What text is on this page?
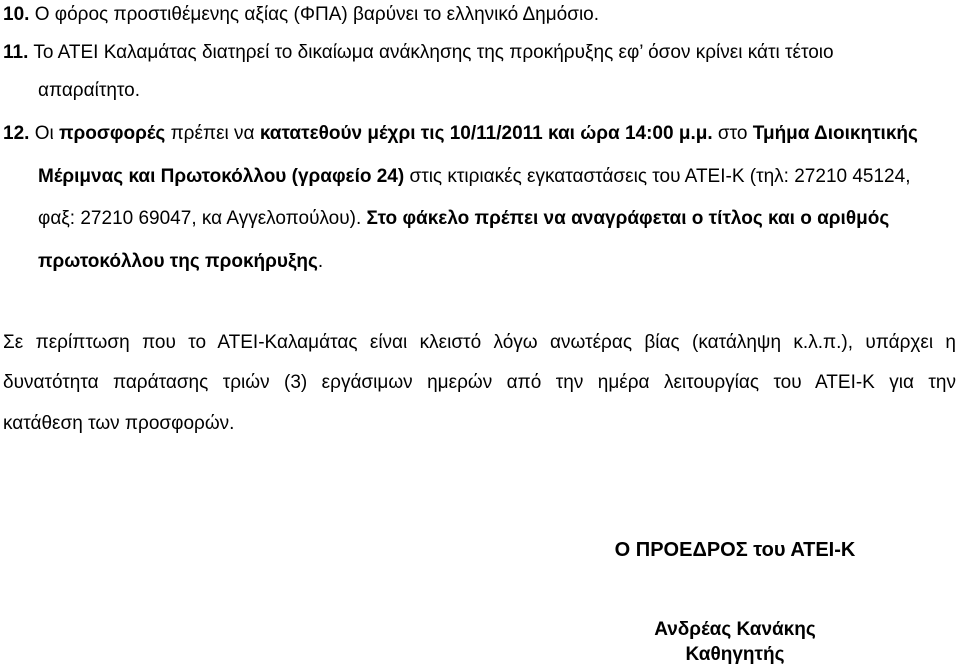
10. Ο φόρος προστιθέμενης αξίας (ΦΠΑ) βαρύνει το ελληνικό Δημόσιο.
11. Το ΑΤΕΙ Καλαμάτας διατηρεί το δικαίωμα ανάκλησης της προκήρυξης εφ’ όσον κρίνει κάτι τέτοιο
απαραίτητο.
12. Οι προσφορές πρέπει να κατατεθούν μέχρι τις 10/11/2011 και ώρα 14:00 μ.μ. στο Τμήμα Διοικητικής
Μέριμνας και Πρωτοκόλλου (γραφείο 24) στις κτιριακές εγκαταστάσεις του ΑΤΕΙ-Κ (τηλ: 27210 45124,
φαξ: 27210 69047, κα Αγγελοπούλου). Στο φάκελο πρέπει να αναγράφεται ο τίτλος και ο αριθμός
πρωτοκόλλου της προκήρυξης.
Σε περίπτωση που το ΑΤΕΙ-Καλαμάτας είναι κλειστό λόγω ανωτέρας βίας (κατάληψη κ.λ.π.), υπάρχει η
δυνατότητα παράτασης τριών (3) εργάσιμων ημερών από την ημέρα λειτουργίας του ΑΤΕΙ-Κ για την
κατάθεση των προσφορών.
Ο ΠΡΟΕΔΡΟΣ του ΑΤΕΙ-Κ
Ανδρέας Κανάκης
Καθηγητής
